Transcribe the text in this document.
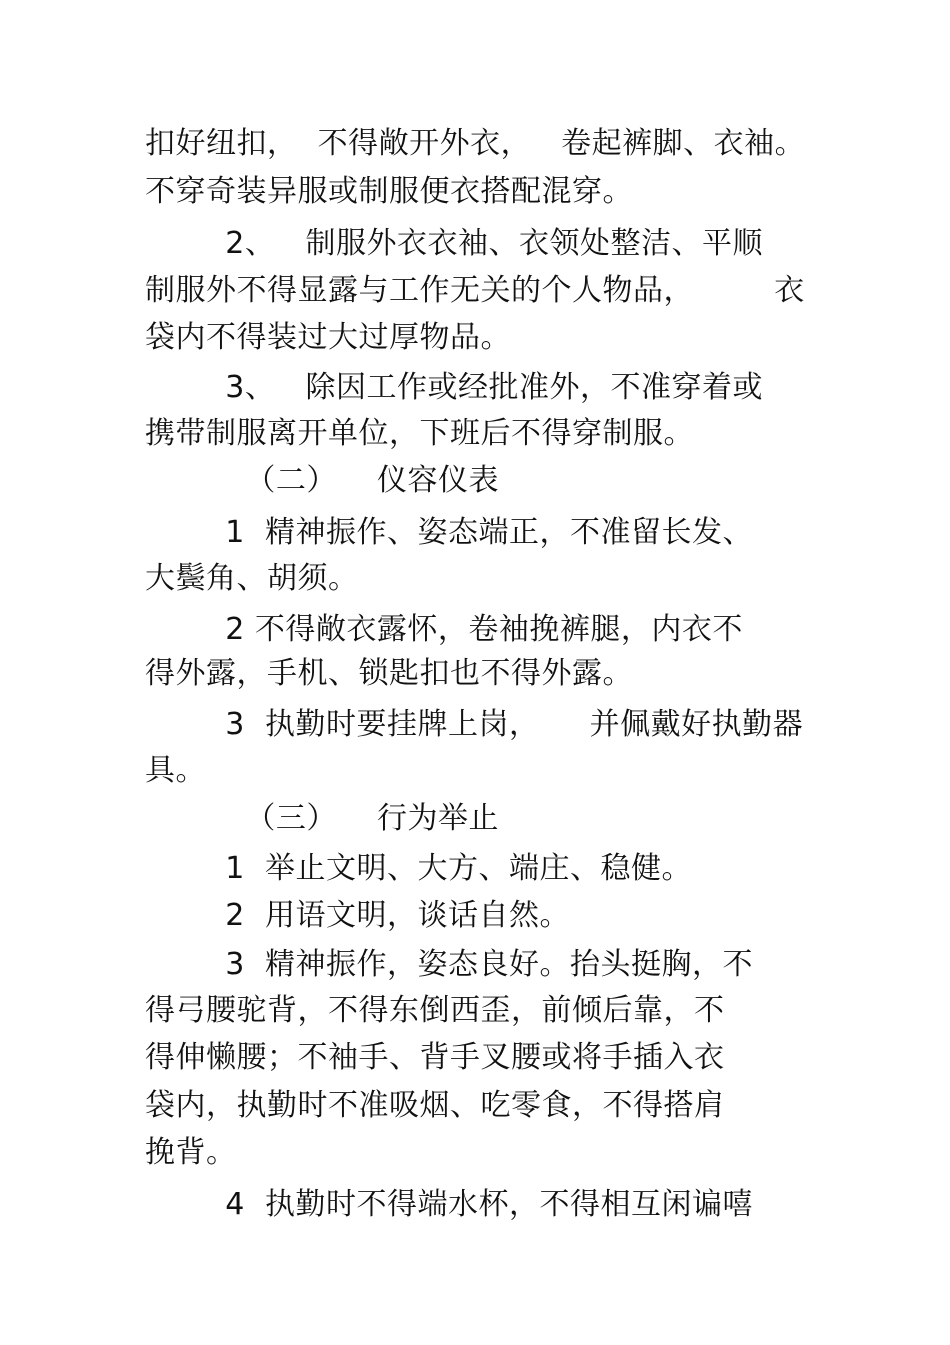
扣好纽扣，  不得敞开外衣，   卷起裤脚、衣袖。
不穿奇装异服或制服便衣搭配混穿。
2、   制服外衣衣袖、衣领处整洁、平顺
制服外不得显露与工作无关的个人物品，        衣
袋内不得装过大过厚物品。
3、   除因工作或经批准外，不准穿着或
携带制服离开单位，下班后不得穿制服。
（二）    仪容仪表
1  精神振作、姿态端正，不准留长发、
大鬓角、胡须。
2 不得敞衣露怀，卷袖挽裤腿，内衣不
得外露，手机、锁匙扣也不得外露。
3  执勤时要挂牌上岗，     并佩戴好执勤器
具。
（三）    行为举止
1  举止文明、大方、端庄、稳健。
2  用语文明，谈话自然。
3  精神振作，姿态良好。抬头挺胸，不
得弓腰驼背，不得东倒西歪，前倾后靠，不
得伸懒腰；不袖手、背手叉腰或将手插入衣
袋内，执勤时不准吸烟、吃零食，不得搭肩
挽背。
4  执勤时不得端水杯，不得相互闲谝嘻
